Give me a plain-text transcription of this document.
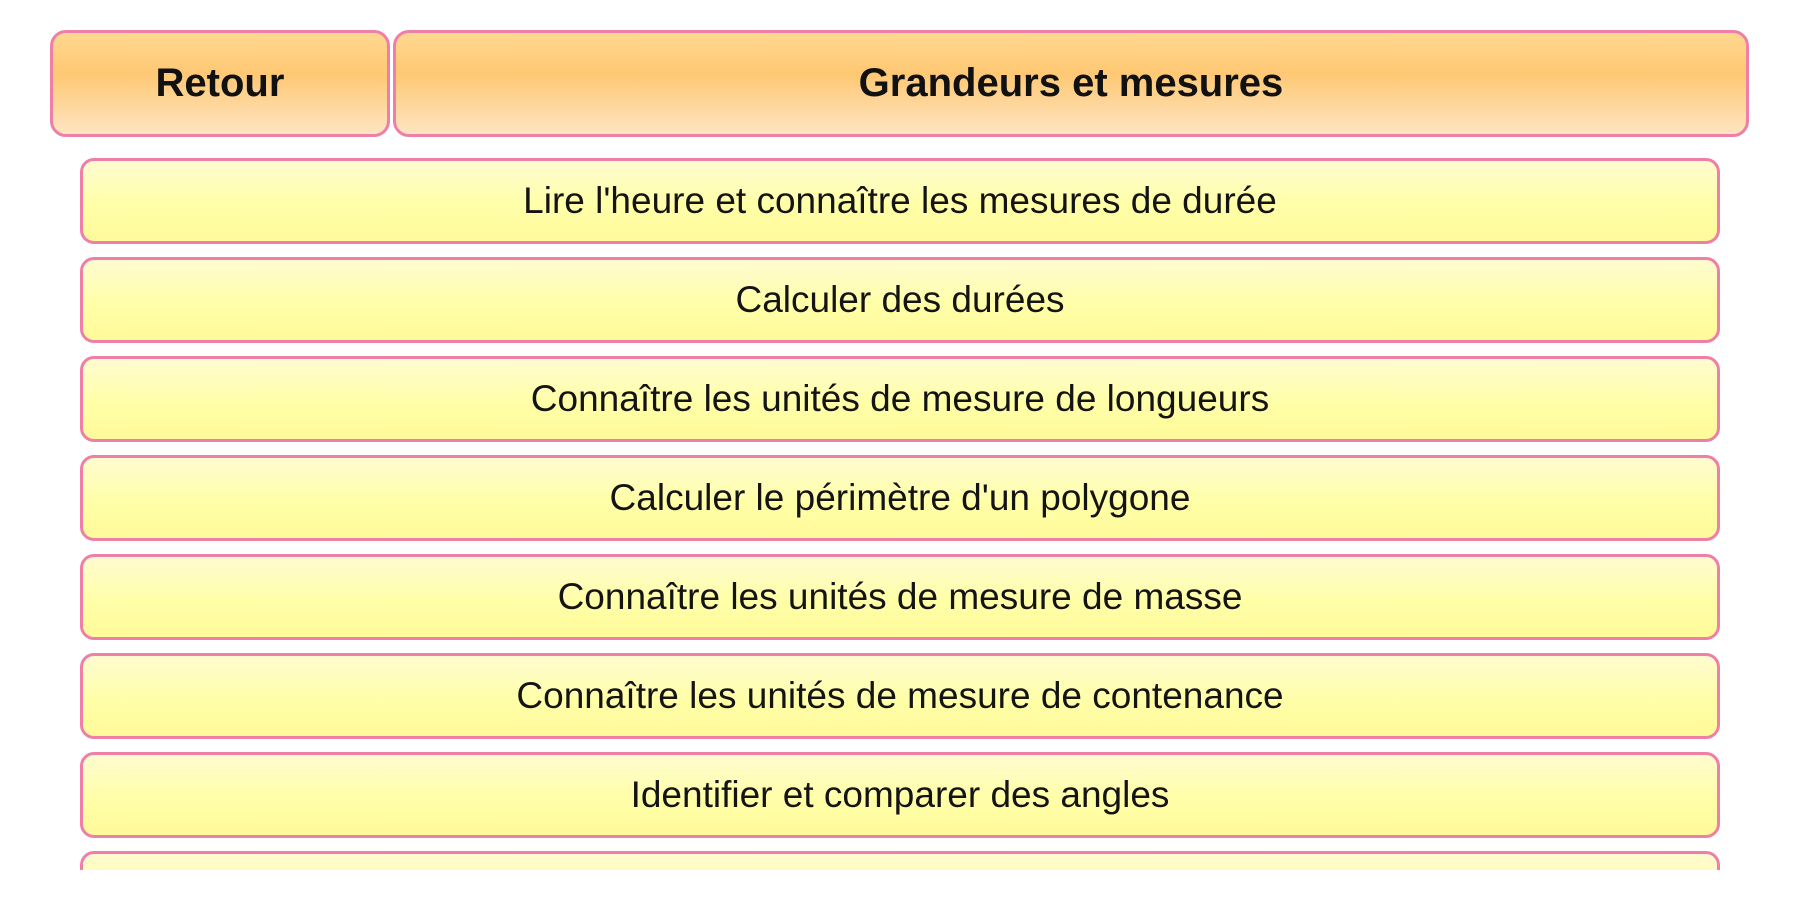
Retour	Grandeurs et mesures
Lire l'heure et connaître les mesures de durée
Calculer des durées
Connaître les unités de mesure de longueurs
Calculer le périmètre d'un polygone
Connaître les unités de mesure de masse
Connaître les unités de mesure de contenance
Identifier et comparer des angles
